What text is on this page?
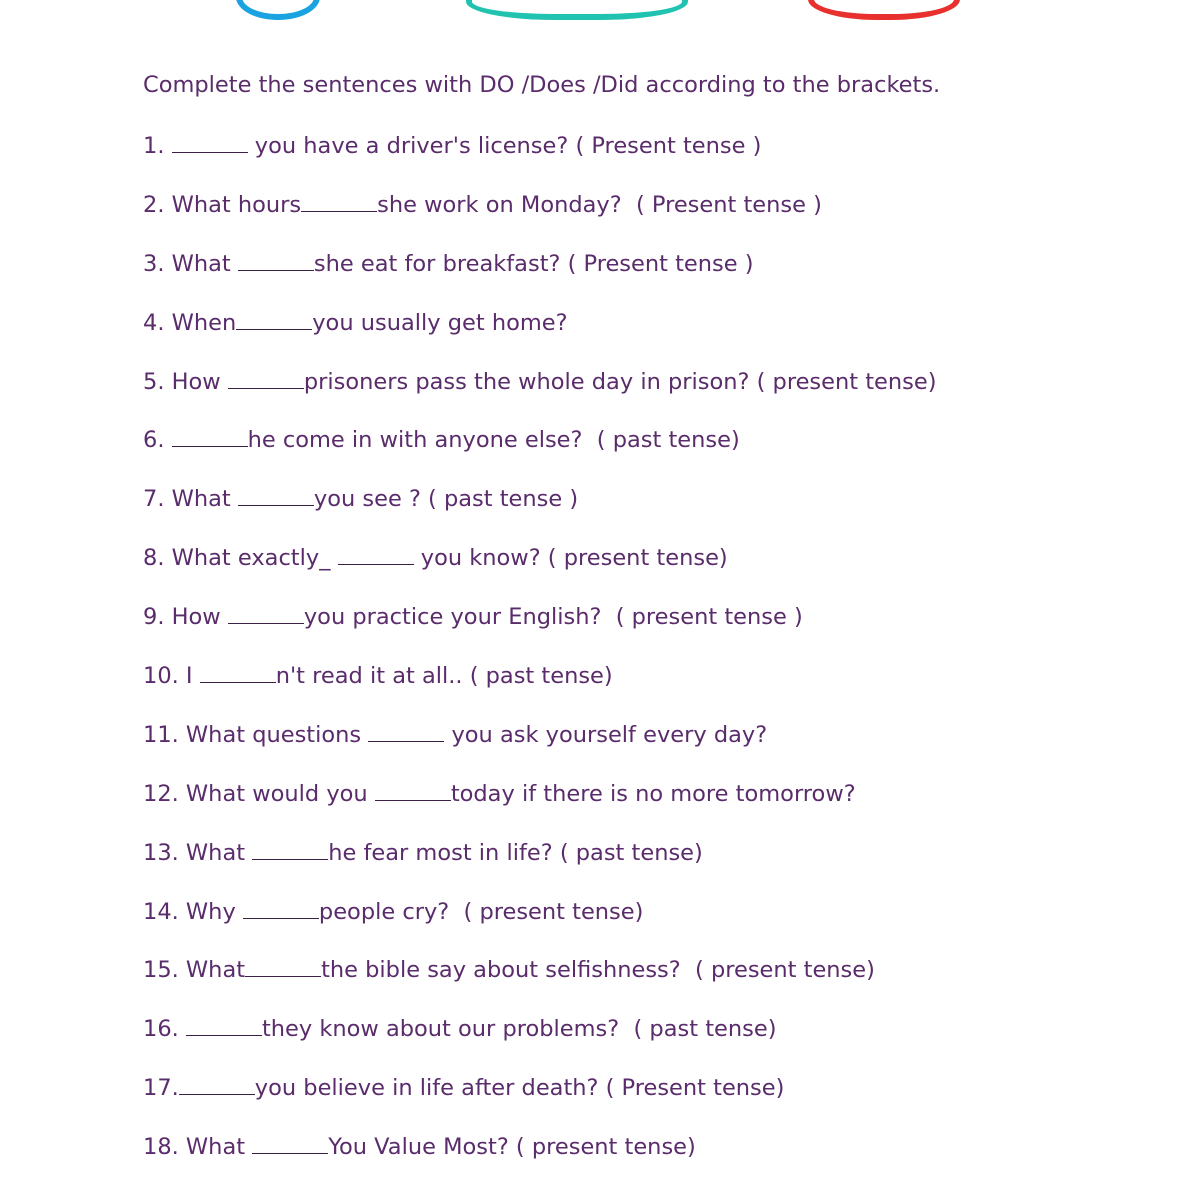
Complete the sentences with DO /Does /Did according to the brackets.
1.	you have a driver's license? ( Present tense )
2. What hours	she work on Monday?  ( Present tense )
3. What	she eat for breakfast? ( Present tense )
4. When	you usually get home?
5. How	prisoners pass the whole day in prison? ( present tense)
6.	he come in with anyone else?  ( past tense)
7. What	you see ? ( past tense )
8. What exactly_	you know? ( present tense)
9. How	you practice your English?  ( present tense )
10. I	n't read it at all.. ( past tense)
11. What questions	you ask yourself every day?
12. What would you	today if there is no more tomorrow?
13. What	he fear most in life? ( past tense)
14. Why	people cry?  ( present tense)
15. What	the bible say about selfishness?  ( present tense)
16.	they know about our problems?  ( past tense)
17.	you believe in life after death? ( Present tense)
18. What	You Value Most? ( present tense)
